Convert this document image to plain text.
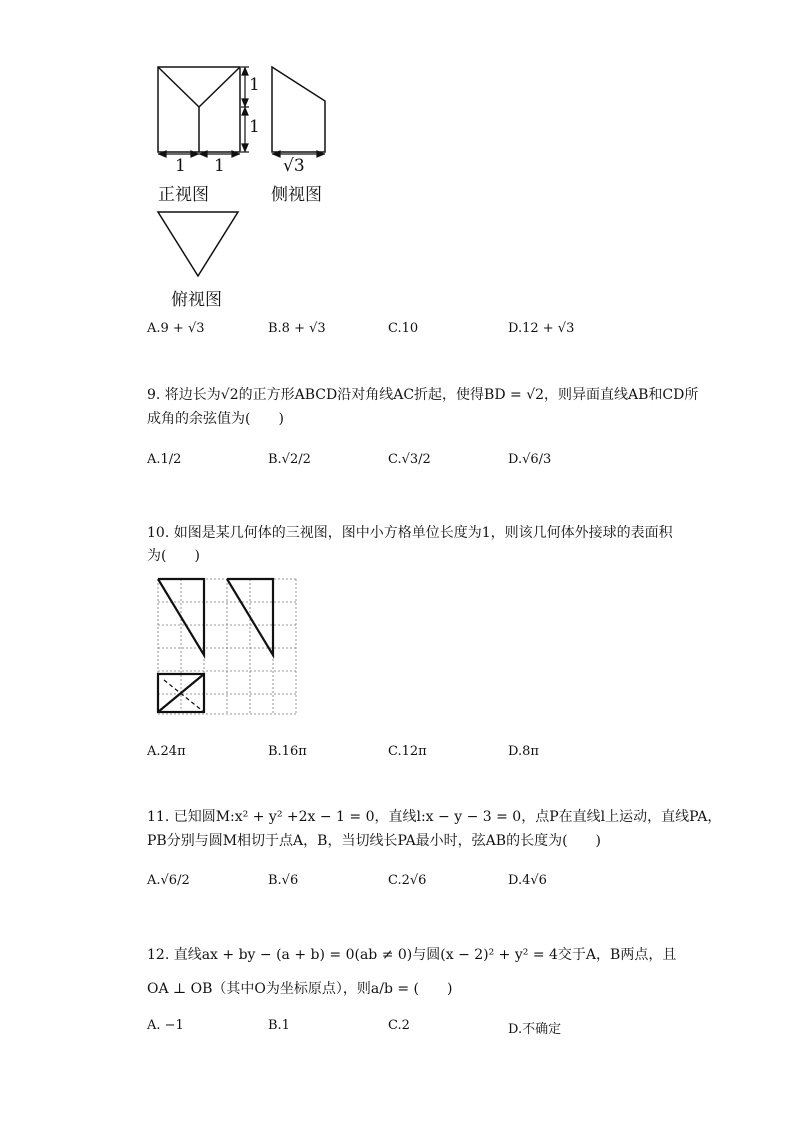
1
1
1 1	√3
正视图	侧视图
俯视图
A.9 + √3	B.8 + √3	C.10	D.12 + √3
9. 将边长为√2的正方形ABCD沿对角线AC折起，使得BD = √2，则异面直线AB和CD所
成角的余弦值为(　　)
A.1/2	B.√2/2	C.√3/2	D.√6/3
10. 如图是某几何体的三视图，图中小方格单位长度为1，则该几何体外接球的表面积
为(　　)
A.24π	B.16π	C.12π	D.8π
11. 已知圆M:x² + y² +2x − 1 = 0，直线l:x − y − 3 = 0，点P在直线l上运动，直线PA，
PB分别与圆M相切于点A，B，当切线长PA最小时，弦AB的长度为(　　)
A.√6/2	B.√6	C.2√6	D.4√6
12. 直线ax + by − (a + b) = 0(ab ≠ 0)与圆(x − 2)² + y² = 4交于A，B两点，且
OA ⊥ OB（其中O为坐标原点），则a/b = (　　)
A. −1	B.1	C.2	D.不确定
